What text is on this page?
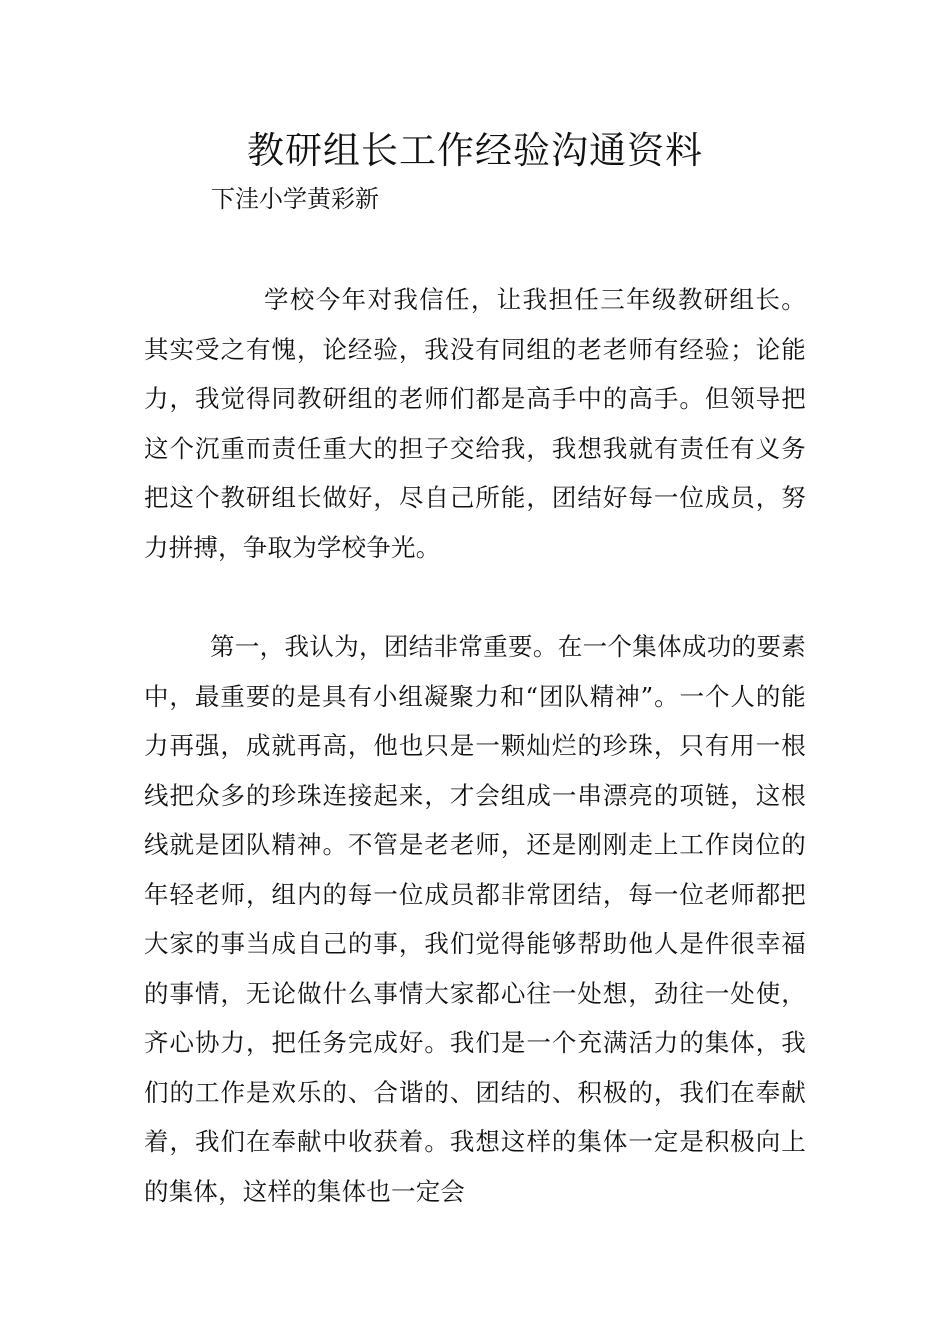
教研组长工作经验沟通资料

下洼小学黄彩新

学校今年对我信任，让我担任三年级教研组长。其实受之有愧，论经验，我没有同组的老老师有经验；论能力，我觉得同教研组的老师们都是高手中的高手。但领导把这个沉重而责任重大的担子交给我，我想我就有责任有义务把这个教研组长做好，尽自己所能，团结好每一位成员，努力拼搏，争取为学校争光。

第一，我认为，团结非常重要。在一个集体成功的要素中，最重要的是具有小组凝聚力和“团队精神”。一个人的能力再强，成就再高，他也只是一颗灿烂的珍珠，只有用一根线把众多的珍珠连接起来，才会组成一串漂亮的项链，这根线就是团队精神。不管是老老师，还是刚刚走上工作岗位的年轻老师，组内的每一位成员都非常团结，每一位老师都把大家的事当成自己的事，我们觉得能够帮助他人是件很幸福的事情，无论做什么事情大家都心往一处想，劲往一处使，齐心协力，把任务完成好。我们是一个充满活力的集体，我们的工作是欢乐的、合谐的、团结的、积极的，我们在奉献着，我们在奉献中收获着。我想这样的集体一定是积极向上的集体，这样的集体也一定会
